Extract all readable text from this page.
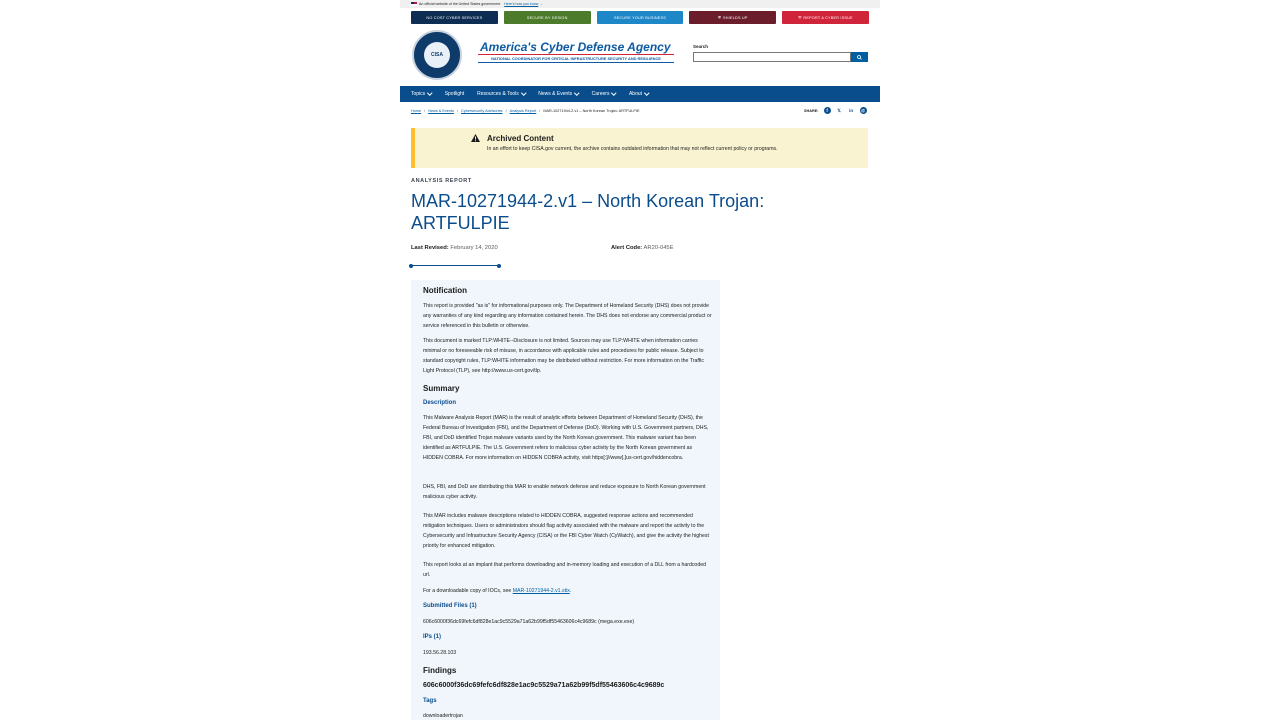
An official website of the United States government Here's how you know ⌄
NO COST CYBER SERVICES	SECURE BY DESIGN	SECURE YOUR BUSINESS	⛨ SHIELDS UP	⛨ REPORT A CYBER ISSUE
CISA
America's Cyber Defense Agency
NATIONAL COORDINATOR FOR CRITICAL INFRASTRUCTURE SECURITY AND RESILIENCE
Search
Topics	Spotlight	Resources & Tools	News & Events	Careers	About
Home / News & Events / Cybersecurity Advisories / Analysis Report / MAR-10271944-2.v1 – North Korean Trojan: ARTFULPIE	SHARE:	f	𝕏	in	@
Archived Content
In an effort to keep CISA.gov current, the archive contains outdated information that may not reflect current policy or programs.
ANALYSIS REPORT
MAR-10271944-2.v1 – North Korean Trojan: ARTFULPIE
Last Revised: February 14, 2020	Alert Code: AR20-045E
Notification
This report is provided "as is" for informational purposes only. The Department of Homeland Security (DHS) does not provide any warranties of any kind regarding any information contained herein. The DHS does not endorse any commercial product or service referenced in this bulletin or otherwise.
This document is marked TLP:WHITE--Disclosure is not limited. Sources may use TLP:WHITE when information carries minimal or no foreseeable risk of misuse, in accordance with applicable rules and procedures for public release. Subject to standard copyright rules, TLP:WHITE information may be distributed without restriction. For more information on the Traffic Light Protocol (TLP), see http://www.us-cert.gov/tlp.
Summary
Description
This Malware Analysis Report (MAR) is the result of analytic efforts between Department of Homeland Security (DHS), the Federal Bureau of Investigation (FBI), and the Department of Defense (DoD). Working with U.S. Government partners, DHS, FBI, and DoD identified Trojan malware variants used by the North Korean government. This malware variant has been identified as ARTFULPIE. The U.S. Government refers to malicious cyber activity by the North Korean government as HIDDEN COBRA. For more information on HIDDEN COBRA activity, visit https[:]//www[.]us-cert.gov/hiddencobra.
DHS, FBI, and DoD are distributing this MAR to enable network defense and reduce exposure to North Korean government malicious cyber activity.
This MAR includes malware descriptions related to HIDDEN COBRA, suggested response actions and recommended mitigation techniques. Users or administrators should flag activity associated with the malware and report the activity to the Cybersecurity and Infrastructure Security Agency (CISA) or the FBI Cyber Watch (CyWatch), and give the activity the highest priority for enhanced mitigation.
This report looks at an implant that performs downloading and in-memory loading and execution of a DLL from a hardcoded url.
For a downloadable copy of IOCs, see MAR-10271944-2.v1.stix.
Submitted Files (1)
606c6000f36dc69fefc6df828e1ac9c5529a71a62b99f5df55463606c4c9689c (mega.exe.exe)
IPs (1)
193.56.28.103
Findings
606c6000f36dc69fefc6df828e1ac9c5529a71a62b99f5df55463606c4c9689c
Tags
downloadertrojan
